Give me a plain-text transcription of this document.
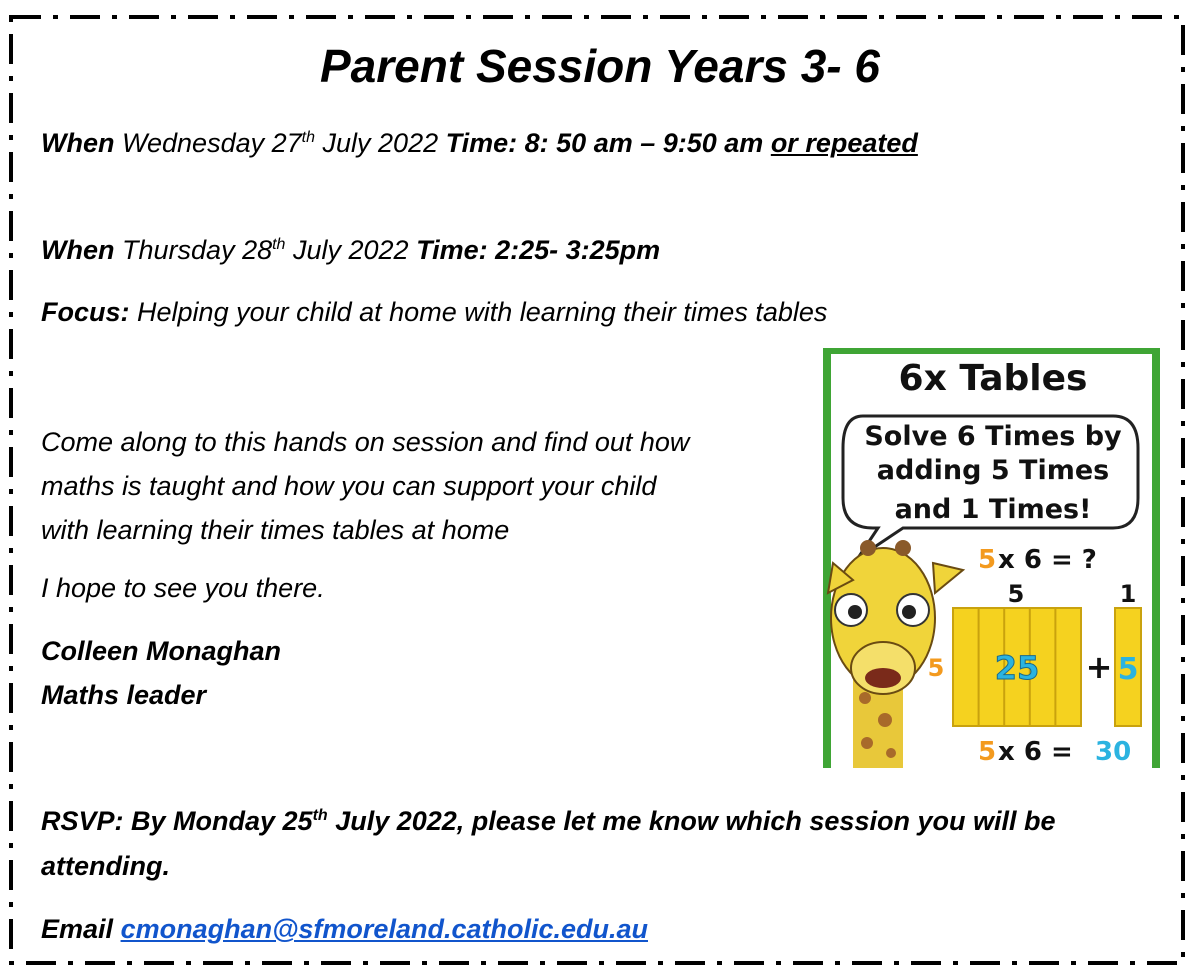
Parent Session Years 3- 6
When Wednesday 27th July 2022 Time: 8: 50 am – 9:50 am or repeated
When Thursday 28th July 2022 Time: 2:25- 3:25pm
Focus: Helping your child at home with learning their times tables
Come along to this hands on session and find out how
maths is taught and how you can support your child
with learning their times tables at home
I hope to see you there.
Colleen Monaghan
Maths leader
RSVP: By Monday 25th July 2022, please let me know which session you will be
attending.
Email cmonaghan@sfmoreland.catholic.edu.au
6x Tables
Solve 6 Times by
adding 5 Times
and 1 Times!
5 x 6 = ?
5	1
5 25 + 5
5 x 6 = 30
